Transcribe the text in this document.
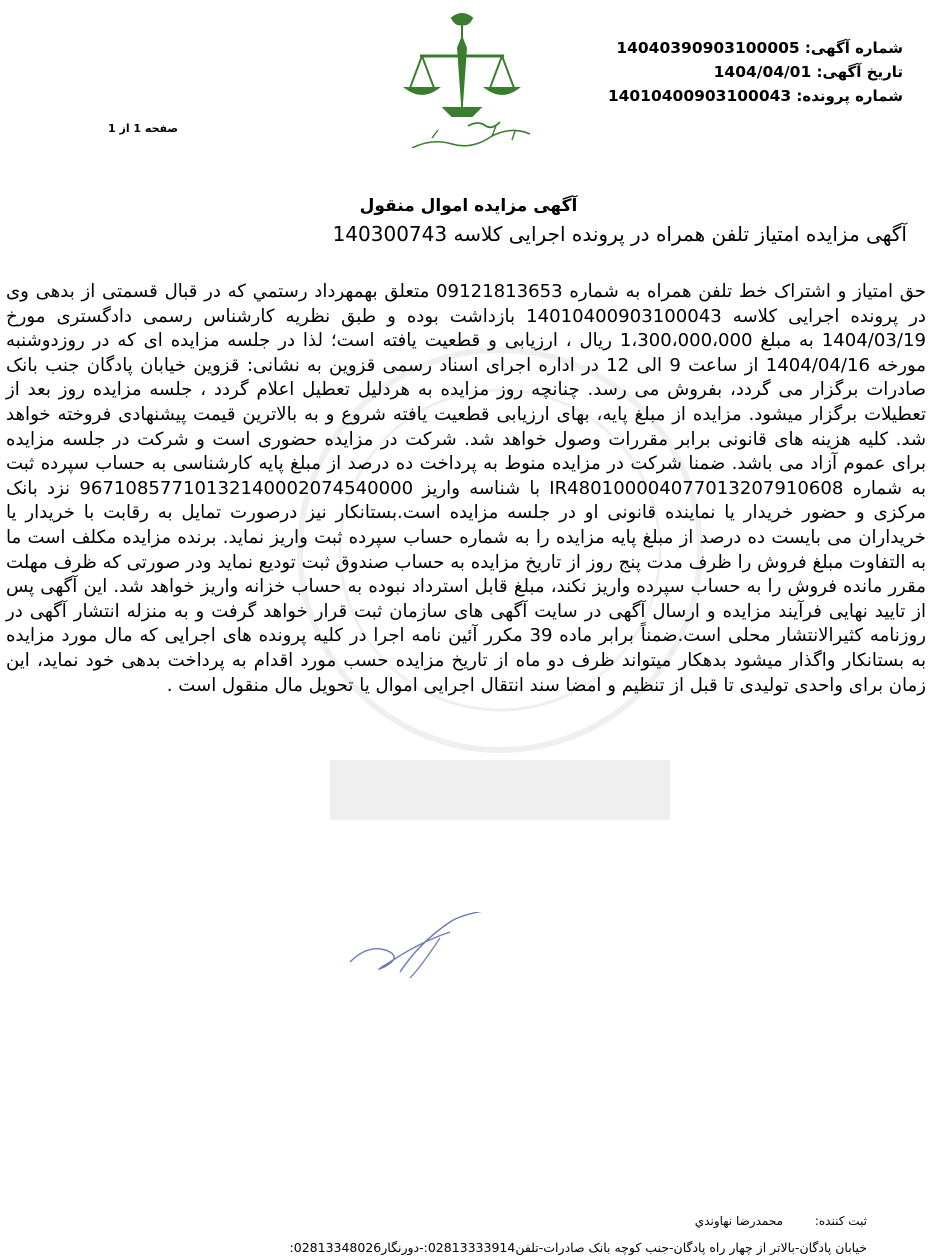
شماره آگهی: 14040390903100005
تاریخ آگهی: 1404/04/01
شماره پرونده: 14010400903100043
صفحه 1 از 1
آگهی مزایده اموال منقول
آگهی مزایده امتیاز تلفن همراه در پرونده اجرایی کلاسه 140300743
حق امتیاز و اشتراک خط تلفن همراه به شماره 09121813653 متعلق بهمهرداد رستمي كه در قبال قسمتی از بدهی وی در پرونده اجرایی کلاسه 14010400903100043 بازداشت بوده و طبق نظریه کارشناس رسمی دادگستری مورخ 1404/03/19 به مبلغ 1،300،000،000 ریال ، ارزیابی و قطعیت یافته است؛ لذا در جلسه مزایده ای که در روزدوشنبه مورخه 1404/04/16 از ساعت 9 الی 12 در اداره اجرای اسناد رسمی قزوین به نشانی: قزوین خیابان پادگان جنب بانک صادرات برگزار می گردد، بفروش می رسد. چنانچه روز مزایده به هردلیل تعطیل اعلام گردد ، جلسه مزایده روز بعد از تعطیلات برگزار میشود. مزایده از مبلغ پایه، بهای ارزیابی قطعیت یافته شروع و به بالاترین قیمت پیشنهادی فروخته خواهد شد. کلیه هزینه های قانونی برابر مقررات وصول خواهد شد. شرکت در مزایده حضوری است و شرکت در جلسه مزایده برای عموم آزاد می باشد. ضمنا شرکت در مزایده منوط به پرداخت ده درصد از مبلغ پایه کارشناسی به حساب سپرده ثبت به شماره IR480100004077013207910608 با شناسه واریز 96710857710132140002074540000 نزد بانک مرکزی و حضور خریدار یا نماینده قانونی او در جلسه مزایده است.بستانکار نیز درصورت تمایل به رقابت با خریدار یا خریداران می بایست ده درصد از مبلغ پایه مزایده را به شماره حساب سپرده ثبت واریز نماید. برنده مزایده مکلف است ما به التفاوت مبلغ فروش را ظرف مدت پنج روز از تاریخ مزایده به حساب صندوق ثبت تودیع نماید ودر صورتی که ظرف مهلت مقرر مانده فروش را به حساب سپرده واریز نکند، مبلغ قابل استرداد نبوده به حساب خزانه واریز خواهد شد. این آگهی پس از تایید نهایی فرآیند مزایده و ارسال آگهی در سایت آگهی های سازمان ثبت قرار خواهد گرفت و به منزله انتشار آگهی در روزنامه کثیرالانتشار محلی است.ضمناً برابر ماده 39 مکرر آئین نامه اجرا در کلیه پرونده های اجرایی که مال مورد مزایده به بستانکار واگذار میشود بدهکار میتواند ظرف دو ماه از تاریخ مزایده حسب مورد اقدام به پرداخت بدهی خود نماید، این زمان برای واحدی تولیدی تا قبل از تنظیم و امضا سند انتقال اجرایی اموال یا تحویل مال منقول است .
ثبت کننده: محمدرضا نهاوندي
خیابان پادگان-بالاتر از چهار راه پادگان-جنب کوچه بانک صادرات-تلفن02813333914:-دورنگار02813348026:
